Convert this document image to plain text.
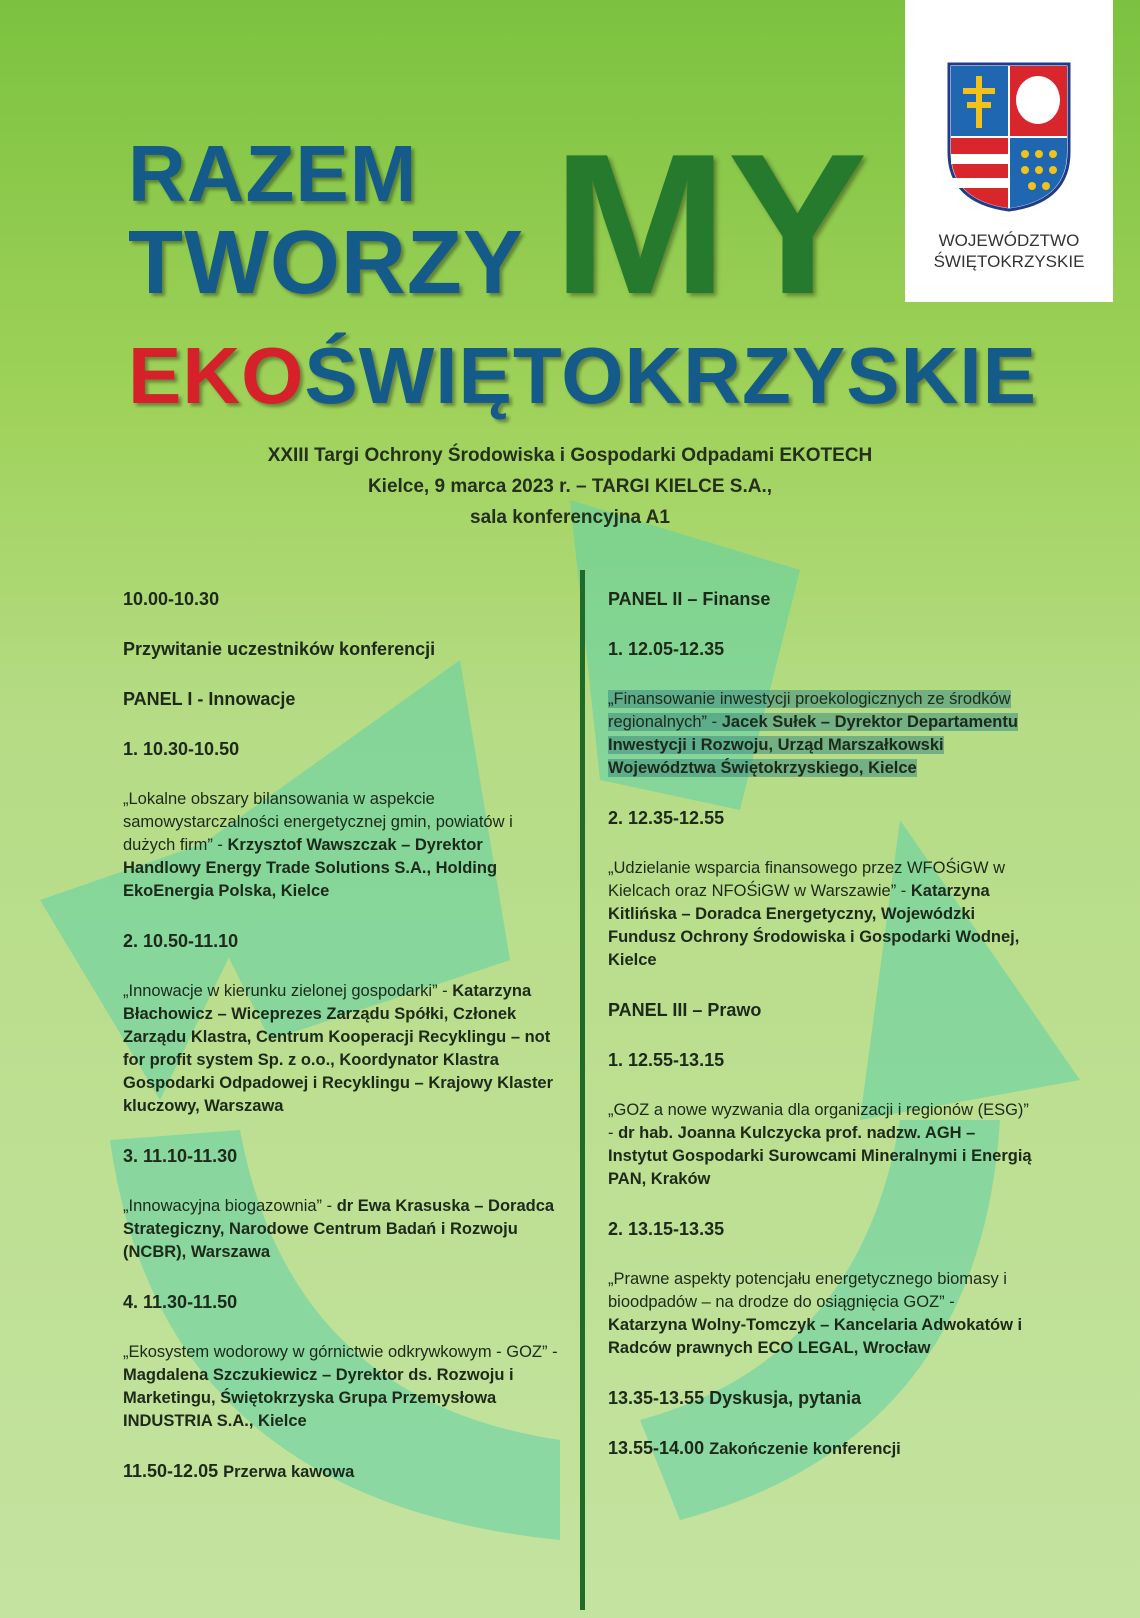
WOJEWÓDZTWO
ŚWIĘTOKRZYSKIE
RAZEM
TWORZY MY
EKOŚWIĘTOKRZYSKIE
XXIII Targi Ochrony Środowiska i Gospodarki Odpadami EKOTECH
Kielce, 9 marca 2023 r. – TARGI KIELCE S.A.,
sala konferencyjna A1
10.00-10.30
Przywitanie uczestników konferencji
PANEL I - Innowacje
1. 10.30-10.50
„Lokalne obszary bilansowania w aspekcie samowystarczalności energetycznej gmin, powiatów i dużych firm” - Krzysztof Wawszczak – Dyrektor Handlowy Energy Trade Solutions S.A., Holding EkoEnergia Polska, Kielce
2. 10.50-11.10
„Innowacje w kierunku zielonej gospodarki” - Katarzyna Błachowicz – Wiceprezes Zarządu Spółki, Członek Zarządu Klastra, Centrum Kooperacji Recyklingu – not for profit system Sp. z o.o., Koordynator Klastra Gospodarki Odpadowej i Recyklingu – Krajowy Klaster kluczowy, Warszawa
3. 11.10-11.30
„Innowacyjna biogazownia” - dr Ewa Krasuska – Doradca Strategiczny, Narodowe Centrum Badań i Rozwoju (NCBR), Warszawa
4. 11.30-11.50
„Ekosystem wodorowy w górnictwie odkrywkowym - GOZ” - Magdalena Szczukiewicz – Dyrektor ds. Rozwoju i Marketingu, Świętokrzyska Grupa Przemysłowa INDUSTRIA S.A., Kielce
11.50-12.05 Przerwa kawowa
PANEL II – Finanse
1. 12.05-12.35
„Finansowanie inwestycji proekologicznych ze środków regionalnych” - Jacek Sułek – Dyrektor Departamentu Inwestycji i Rozwoju, Urząd Marszałkowski Województwa Świętokrzyskiego, Kielce
2. 12.35-12.55
„Udzielanie wsparcia finansowego przez WFOŚiGW w Kielcach oraz NFOŚiGW w Warszawie” - Katarzyna Kitlińska – Doradca Energetyczny, Wojewódzki Fundusz Ochrony Środowiska i Gospodarki Wodnej, Kielce
PANEL III – Prawo
1. 12.55-13.15
„GOZ a nowe wyzwania dla organizacji i regionów (ESG)” - dr hab. Joanna Kulczycka prof. nadzw. AGH – Instytut Gospodarki Surowcami Mineralnymi i Energią PAN, Kraków
2. 13.15-13.35
„Prawne aspekty potencjału energetycznego biomasy i bioodpadów – na drodze do osiągnięcia GOZ” - Katarzyna Wolny-Tomczyk – Kancelaria Adwokatów i Radców prawnych ECO LEGAL, Wrocław
13.35-13.55 Dyskusja, pytania
13.55-14.00 Zakończenie konferencji
